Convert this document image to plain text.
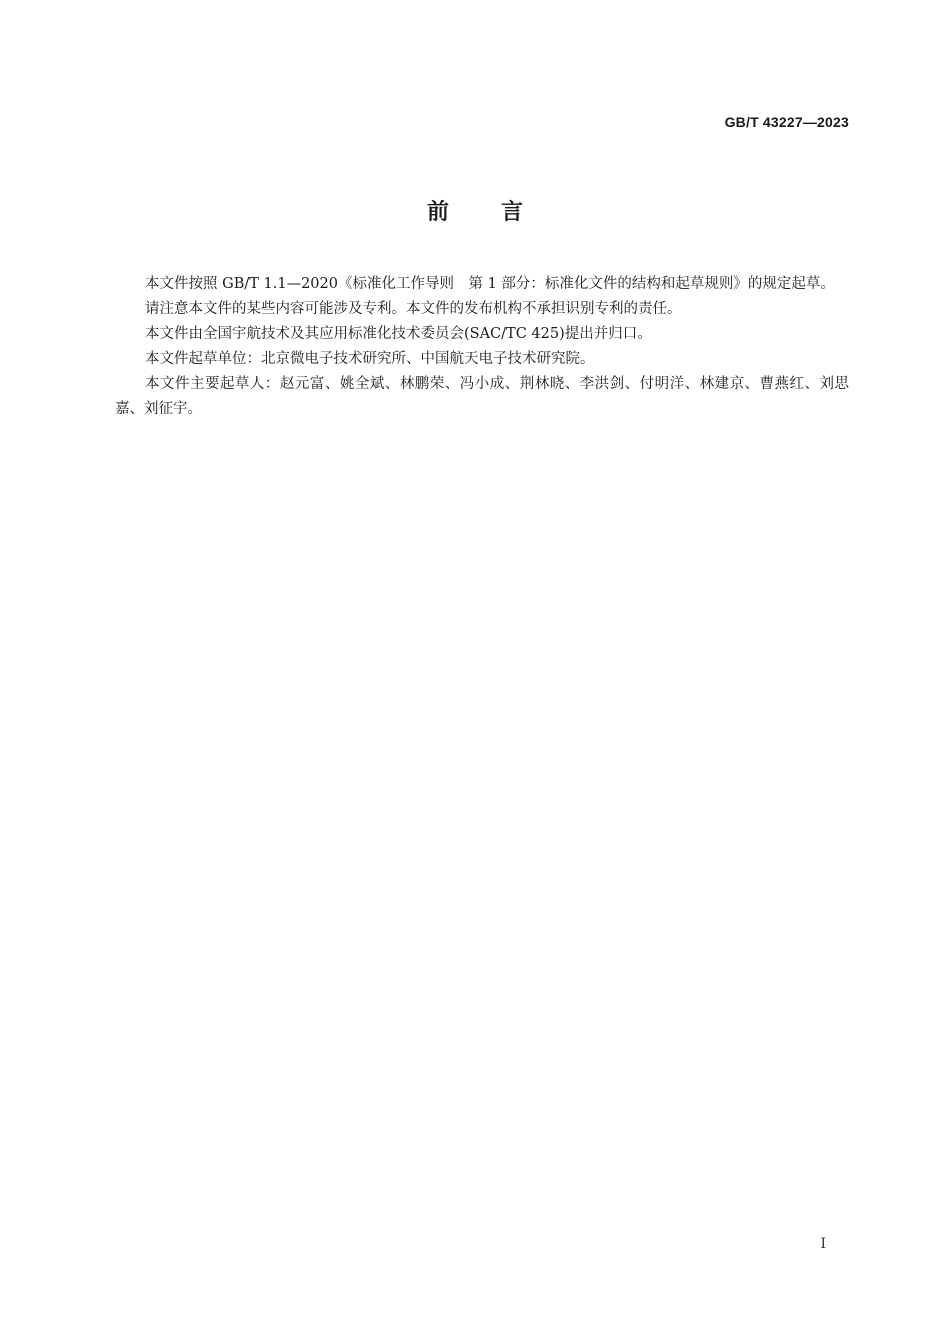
GB/T 43227—2023
前 言

本文件按照 GB/T 1.1—2020《标准化工作导则　第 1 部分：标准化文件的结构和起草规则》的规定起草。

请注意本文件的某些内容可能涉及专利。本文件的发布机构不承担识别专利的责任。

本文件由全国宇航技术及其应用标准化技术委员会(SAC/TC 425)提出并归口。

本文件起草单位：北京微电子技术研究所、中国航天电子技术研究院。

本文件主要起草人：赵元富、姚全斌、林鹏荣、冯小成、荆林晓、李洪剑、付明洋、林建京、曹燕红、刘思嘉、刘征宇。

I
